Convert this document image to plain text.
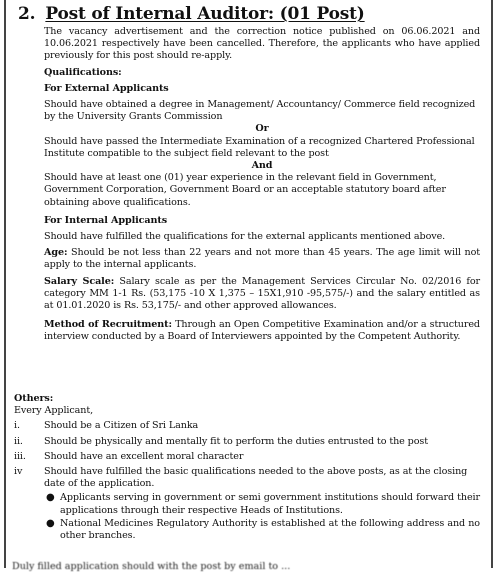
2. Post of Internal Auditor: (01 Post)

The vacancy advertisement and the correction notice published on 06.06.2021 and 10.06.2021 respectively have been cancelled. Therefore, the applicants who have applied previously for this post should re-apply.

Qualifications:

For External Applicants

Should have obtained a degree in Management/ Accountancy/ Commerce field recognized by the University Grants Commission

Or

Should have passed the Intermediate Examination of a recognized Chartered Professional Institute compatible to the subject field relevant to the post

And

Should have at least one (01) year experience in the relevant field in Government, Government Corporation, Government Board or an acceptable statutory board after obtaining above qualifications.

For Internal Applicants

Should have fulfilled the qualifications for the external applicants mentioned above.

Age: Should be not less than 22 years and not more than 45 years. The age limit will not apply to the internal applicants.

Salary Scale: Salary scale as per the Management Services Circular No. 02/2016 for category MM 1-1 Rs. (53,175 -10 X 1,375 – 15X1,910 -95,575/-) and the salary entitled as at 01.01.2020 is Rs. 53,175/- and other approved allowances.

Method of Recruitment: Through an Open Competitive Examination and/or a structured interview conducted by a Board of Interviewers appointed by the Competent Authority.

Others:

Every Applicant,

i.	Should be a Citizen of Sri Lanka
ii. Should be physically and mentally fit to perform the duties entrusted to the post
iii. Should have an excellent moral character
iv Should have fulfilled the basic qualifications needed to the above posts, as at the closing date of the application.
● Applicants serving in government or semi government institutions should forward their applications through their respective Heads of Institutions.
● National Medicines Regulatory Authority is established at the following address and no other branches.
Duly filled application should with the post by email to ...
